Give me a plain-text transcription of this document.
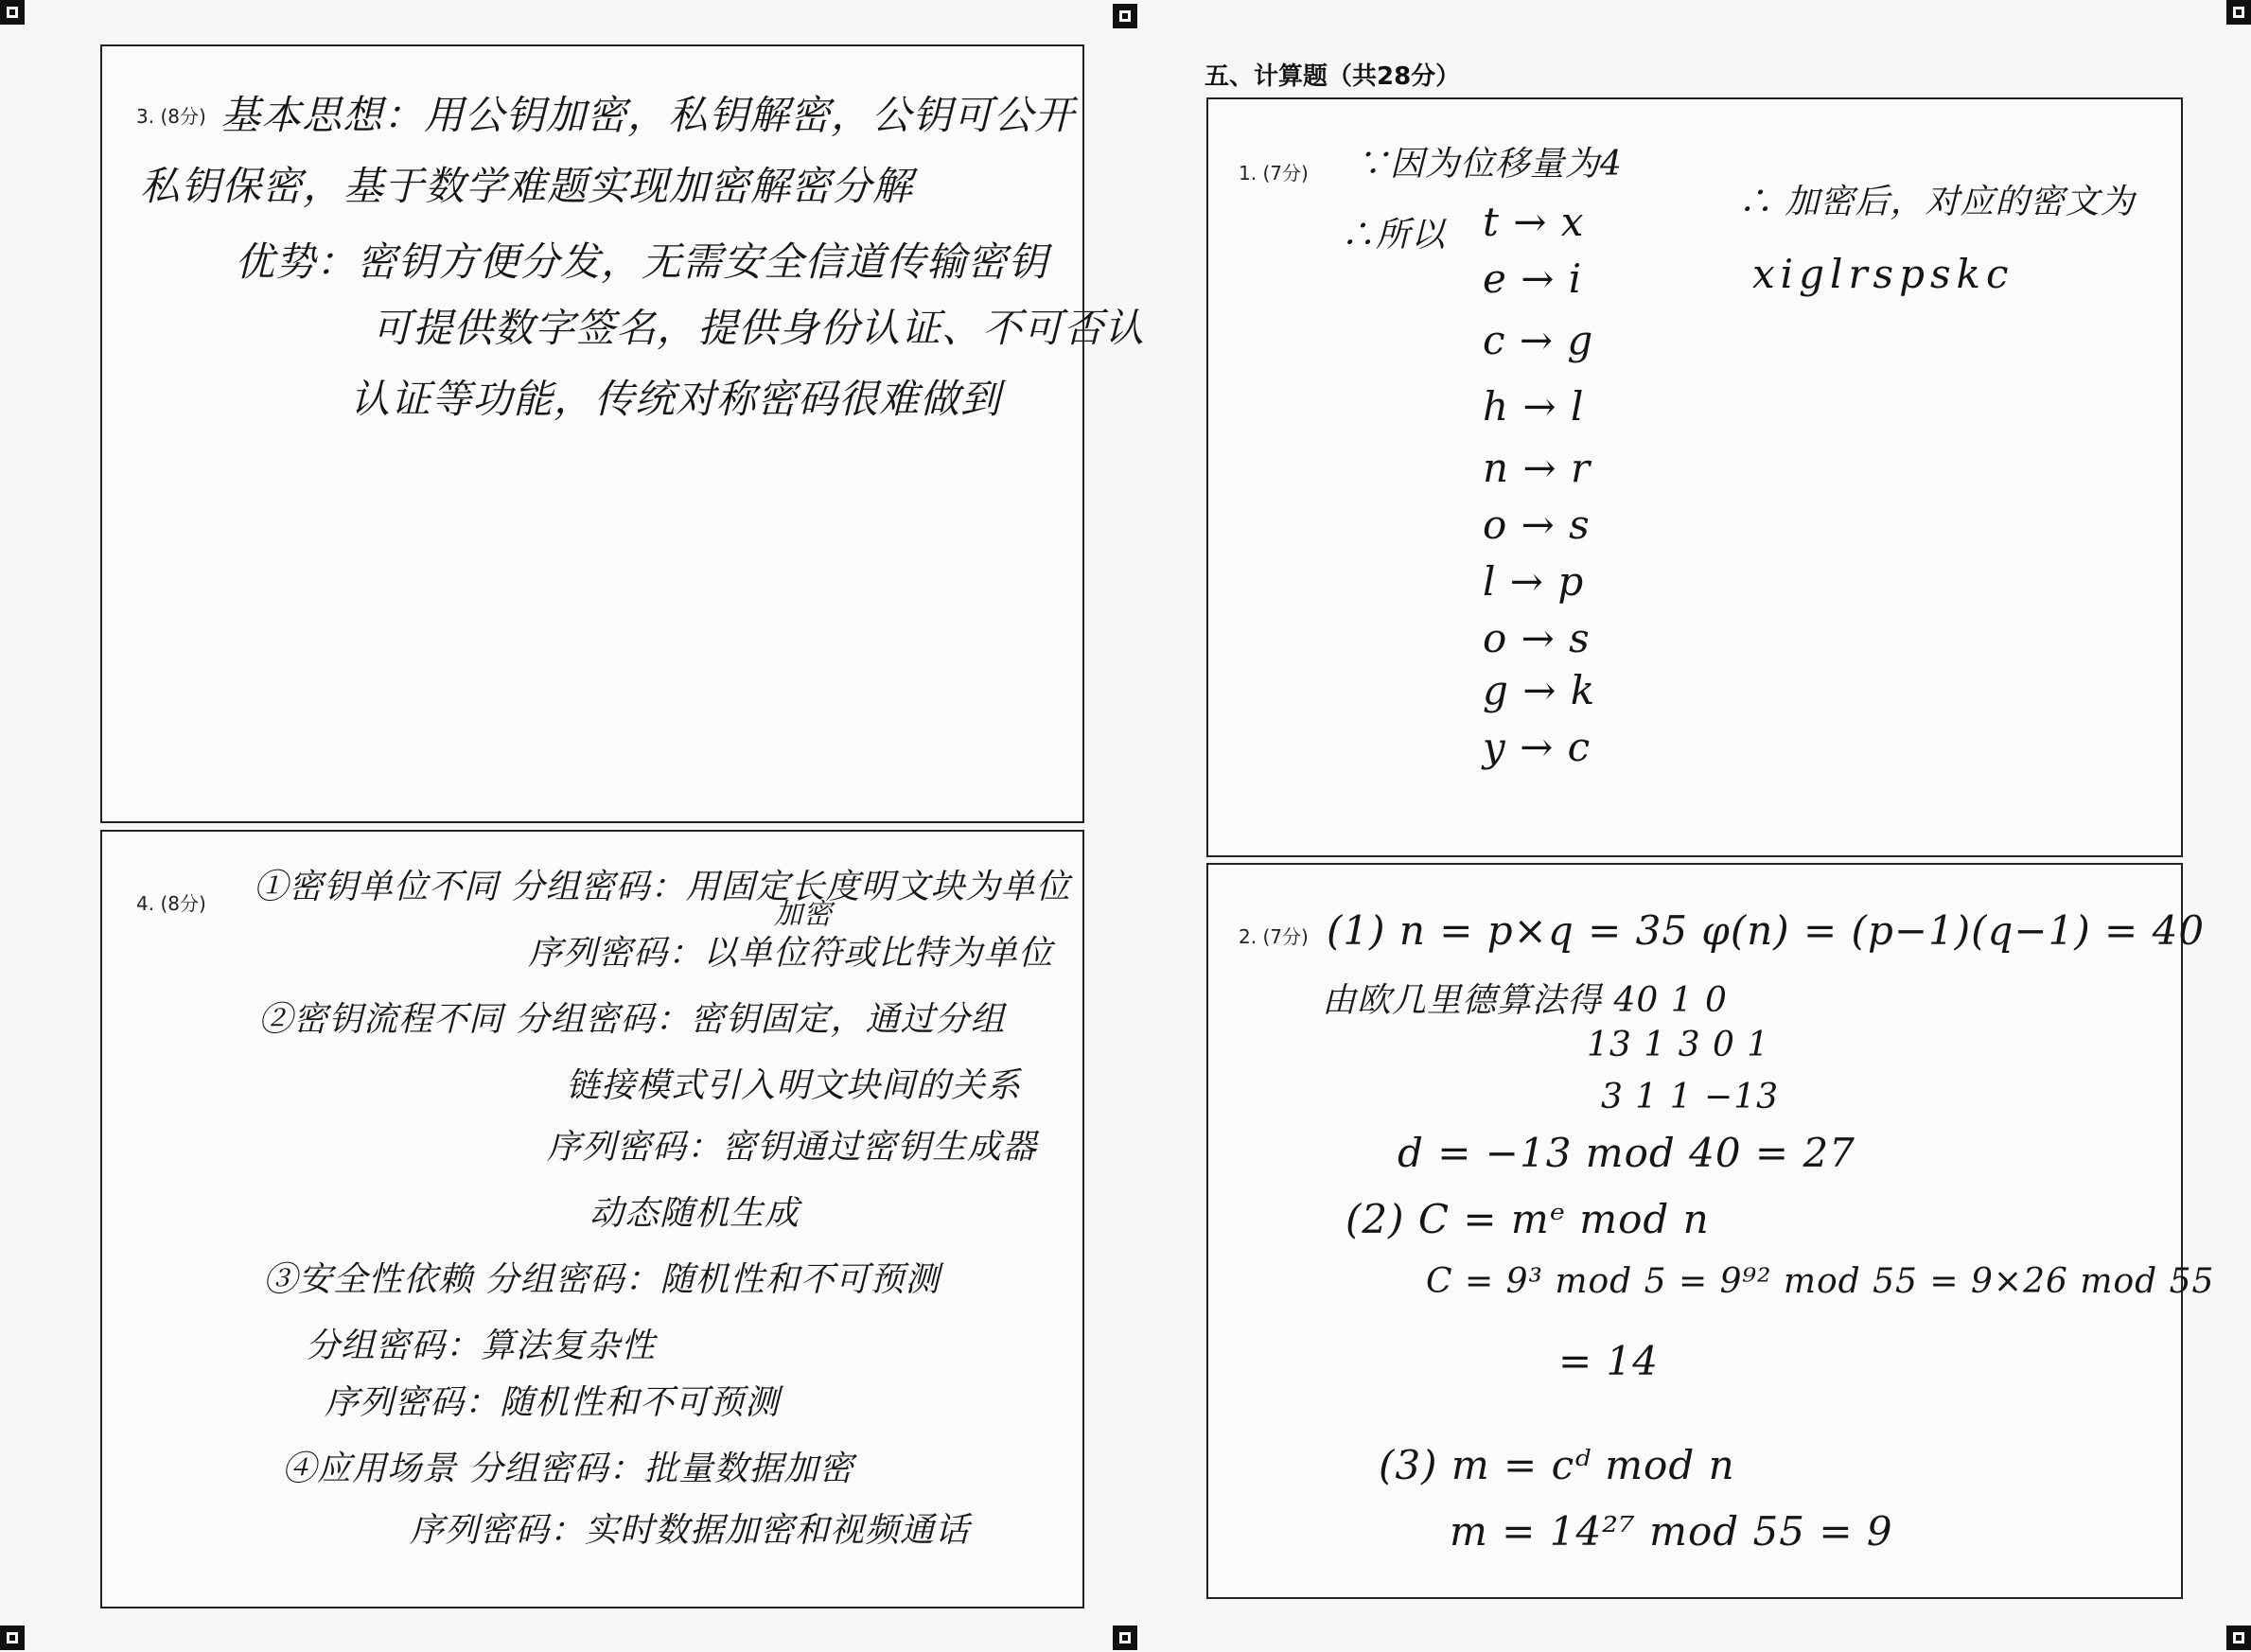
3. (8分) 基本思想：用公钥加密，私钥解密，公钥可公开
私钥保密，基于数学难题实现加密解密分解
优势：密钥方便分发，无需安全信道传输密钥
可提供数字签名，提供身份认证、不可否认
认证等功能，传统对称密码很难做到
4. (8分) ①密钥单位不同 分组密码：用固定长度明文块为单位
加密
序列密码：以单位符或比特为单位
②密钥流程不同 分组密码：密钥固定，通过分组
链接模式引入明文块间的关系
序列密码：密钥通过密钥生成器
动态随机生成
③安全性依赖 分组密码：随机性和不可预测
分组密码：算法复杂性
序列密码：随机性和不可预测
④应用场景 分组密码：批量数据加密
序列密码：实时数据加密和视频通话
五、计算题（共28分）
1. (7分) ∵因为位移量为4
∴所以 t → x
e → i
c → g
h → l
n → r
o → s
l → p
o → s
g → k
y → c
∴ 加密后，对应的密文为
xiglrspskc
2. (7分) (1) n = p×q = 35 φ(n) = (p−1)(q−1) = 40
由欧几里德算法得 40 1 0
13 1 3 0 1
3 1 1 −13
d = −13 mod 40 = 27
(2) C = mᵉ mod n
C = 9³ mod 5 = 9⁹² mod 55 = 9×26 mod 55
= 14
(3) m = cᵈ mod n
m = 14²⁷ mod 55 = 9
